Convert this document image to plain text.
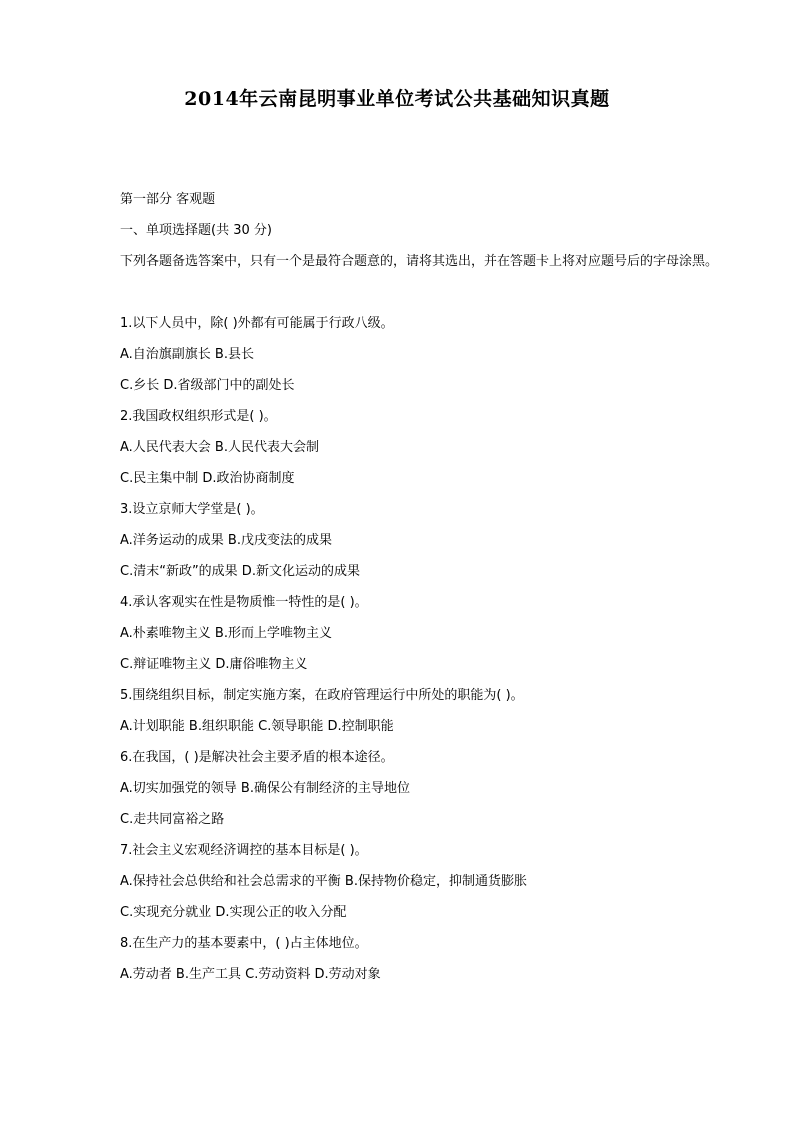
2014年云南昆明事业单位考试公共基础知识真题
第一部分 客观题
一、单项选择题(共 30 分)
下列各题备选答案中，只有一个是最符合题意的，请将其选出，并在答题卡上将对应题号后的字母涂黑。
1.以下人员中，除( )外都有可能属于行政八级。
A.自治旗副旗长 B.县长
C.乡长 D.省级部门中的副处长
2.我国政权组织形式是( )。
A.人民代表大会 B.人民代表大会制
C.民主集中制 D.政治协商制度
3.设立京师大学堂是( )。
A.洋务运动的成果 B.戊戌变法的成果
C.清末“新政”的成果 D.新文化运动的成果
4.承认客观实在性是物质惟一特性的是( )。
A.朴素唯物主义 B.形而上学唯物主义
C.辩证唯物主义 D.庸俗唯物主义
5.围绕组织目标，制定实施方案，在政府管理运行中所处的职能为( )。
A.计划职能 B.组织职能 C.领导职能 D.控制职能
6.在我国，( )是解决社会主要矛盾的根本途径。
A.切实加强党的领导 B.确保公有制经济的主导地位
C.走共同富裕之路
7.社会主义宏观经济调控的基本目标是( )。
A.保持社会总供给和社会总需求的平衡 B.保持物价稳定，抑制通货膨胀
C.实现充分就业 D.实现公正的收入分配
8.在生产力的基本要素中，( )占主体地位。
A.劳动者 B.生产工具 C.劳动资料 D.劳动对象
